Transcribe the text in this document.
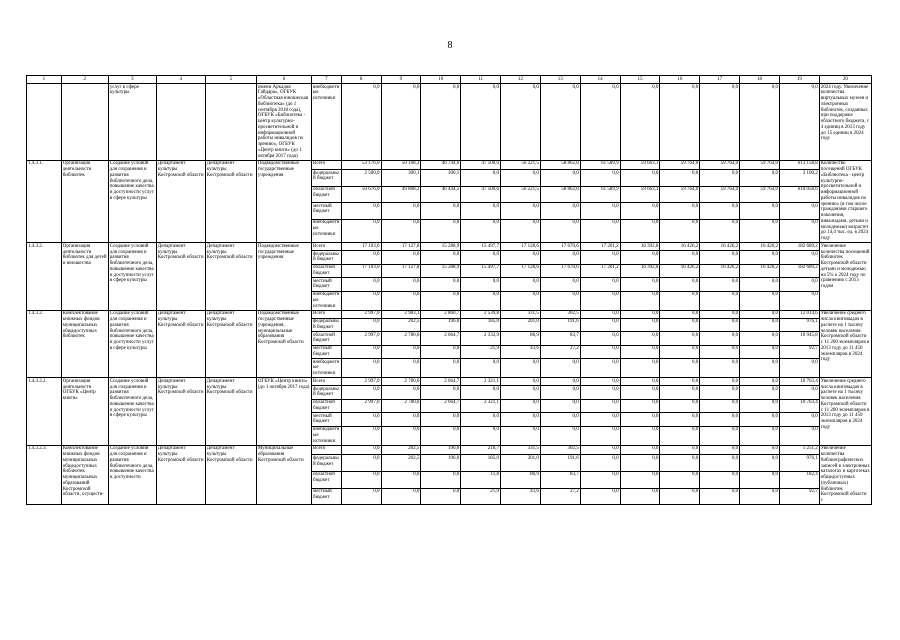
8
1	2	3	4	5	6	7	8	9	10	11	12	13	14	15	16	17	18	19	20
		услуг в сфере культуры			имени Аркадия Гайдара», ОГБУК «Областная юношеская библиотека» (до 1 сентября 2018 года), ОГБУК «Библиотека - центр культурно-просветительной и информационной работы инвалидов по зрению», ОГБУК «Центр книги» (до 1 октября 2017 года)	внебюджетные источники	0,0	0,0	0,0	0,0	0,0	0,0	0,0	0,0	0,0	0,0	0,0	0,0	2024 году. Увеличение количества виртуальных музеев и электронных библиотек, созданных при поддержке областного бюджета, с 4 единиц в 2013 году до 15 единиц в 2024 году
1.4.3.1.	Организация деятельности библиотек	Создание условий для сохранения и развития библиотечного дела, повышение качества и доступности услуг в сфере культуры	Департамент культуры Костромской области	Департамент культуры Костромской области	Подведомственные государственные учреждения	Всего	53 176,0	50 108,3	46 744,6	47 500,6	56 221,5	58 862,8	61 589,9	59 663,1	59 764,0	59 764,0	59 764,0	613 158,8	Количество посещений ОГБУК «Библиотека - центр культурно-просветительной и информационной работы инвалидов по зрению» (в том числе гражданами старшего поколения, инвалидами, детьми и молодежью) возрастет до 14,4 тыс. ед. в 2024 году
						федеральный бюджет	2 500,0	300,1	300,1	0,0	0,0	0,0	0,0	0,0	0,0	0,0	0,0	3 100,2	
						областной бюджет	50 676,0	49 808,2	46 444,5	47 500,6	56 221,5	58 862,8	61 589,9	59 663,1	59 764,0	59 764,0	59 764,0	610 058,6	
						местный бюджет	0,0	0,0	0,0	0,0	0,0	0,0	0,0	0,0	0,0	0,0	0,0	0,0	
						внебюджетные источники	0,0	0,0	0,0	0,0	0,0	0,0	0,0	0,0	0,0	0,0	0,0	0,0	
1.4.3.2.	Организация деятельности библиотек для детей и юношества	Создание условий для сохранения и развития библиотечного дела, повышение качества и доступности услуг в сфере культуры	Департамент культуры Костромской области	Департамент культуры Костромской области	Подведомственные государственные учреждения	Всего	17 103,0	17 127,8	15 288,9	15 497,7	17 128,6	17 670,6	17 201,2	16 392,8	16 426,2	16 426,2	16 426,2	182 689,2	Увеличение количества посещений библиотек Костромской области детьми и молодежью на 5% к 2024 году по сравнению с 2013 годом
						федеральный бюджет	0,0	0,0	0,0	0,0	0,0	0,0	0,0	0,0	0,0	0,0	0,0	0,0	
						областной бюджет	17 103,0	17 127,8	15 288,9	15 497,7	17 128,6	17 670,6	17 201,2	16 392,8	16 426,2	16 426,2	16 426,2	182 689,2	
						местный бюджет	0,0	0,0	0,0	0,0	0,0	0,0	0,0	0,0	0,0	0,0	0,0	0,0	
						внебюджетные источники	0,0	0,0	0,0	0,0	0,0	0,0	0,0	0,0	0,0	0,0	0,0	0,0	
1.4.3.2.	Комплектование книжных фондов муниципальных общедоступных библиотек	Создание условий для сохранения и развития библиотечного дела, повышение качества и доступности услуг в сфере культуры	Департамент культуры Костромской области	Департамент культуры Костромской области	Подведомственные государственные учреждения, муниципальные образования Костромской области	Всего	2 997,0	2 983,1	2 860,7	2 539,8	331,5	302,5	0,0	0,0	0,0	0,0	0,0	12 014,6	Увеличение среднего числа книговыдач в расчете на 1 тысячу человек населения Костромской области с 11 200 экземпляров в 2013 году до 11 450 экземпляров в 2024 году
						федеральный бюджет	0,0	202,5	196,0	185,0	201,0	191,6	0,0	0,0	0,0	0,0	0,0	976,1	
						областной бюджет	2 997,0	2 780,6	2 664,7	2 332,9	86,9	83,7	0,0	0,0	0,0	0,0	0,0	10 945,8	
						местный бюджет	0,0	0,0	0,0	21,9	43,6	27,2	0,0	0,0	0,0	0,0	0,0	92,7	
						внебюджетные источники	0,0	0,0	0,0	0,0	0,0	0,0	0,0	0,0	0,0	0,0	0,0	0,0	
1.4.3.2.2.	Организация деятельности ОГБУК «Центр книги»	Создание условий для сохранения и развития библиотечного дела, повышение качества и доступности услуг в сфере культуры	Департамент культуры Костромской области	Департамент культуры Костромской области	ОГБУК «Центр книги» (до 1 октября 2017 года)	Всего	2 997,0	2 780,6	2 664,7	2 321,1	0,0	0,0	0,0	0,0	0,0	0,0	0,0	10 763,4	Увеличение среднего числа книговыдач в расчете на 1 тысячу человек населения Костромской области с 11 200 экземпляров в 2013 году до 11 450 экземпляров в 2024 году
						федеральный бюджет	0,0	0,0	0,0	0,0	0,0	0,0	0,0	0,0	0,0	0,0	0,0	0,0	
						областной бюджет	2 997,0	2 780,6	2 664,7	2 321,1	0,0	0,0	0,0	0,0	0,0	0,0	0,0	10 763,4	
						местный бюджет	0,0	0,0	0,0	0,0	0,0	0,0	0,0	0,0	0,0	0,0	0,0	0,0	
						внебюджетные источники	0,0	0,0	0,0	0,0	0,0	0,0	0,0	0,0	0,0	0,0	0,0	0,0	
1.4.3.2.3.	Комплектование книжных фондов муниципальных общедоступных библиотек муниципальных образований Костромской области, осуществ-	Создание условий для сохранения и развития библиотечного дела, повышение качества и доступности	Департамент культуры Костромской области	Департамент культуры Костромской области	Муниципальные образования Костромской области	Всего	0,0	202,5	196,0	218,7	331,5	302,5	0,0	0,0	0,0	0,0	0,0	1 251,2	Увеличение количества библиографических записей в электронных каталогах и картотеках общедоступных (публичных) библиотек Костромской области с
						федеральный бюджет	0,0	202,5	196,0	185,0	201,0	191,6	0,0	0,0	0,0	0,0	0,0	976,1	
						областной бюджет	0,0	0,0	0,0	11,8	86,9	83,7	0,0	0,0	0,0	0,0	0,0	182,4	
						местный бюджет	0,0	0,0	0,0	21,9	43,6	27,2	0,0	0,0	0,0	0,0	0,0	92,7	
